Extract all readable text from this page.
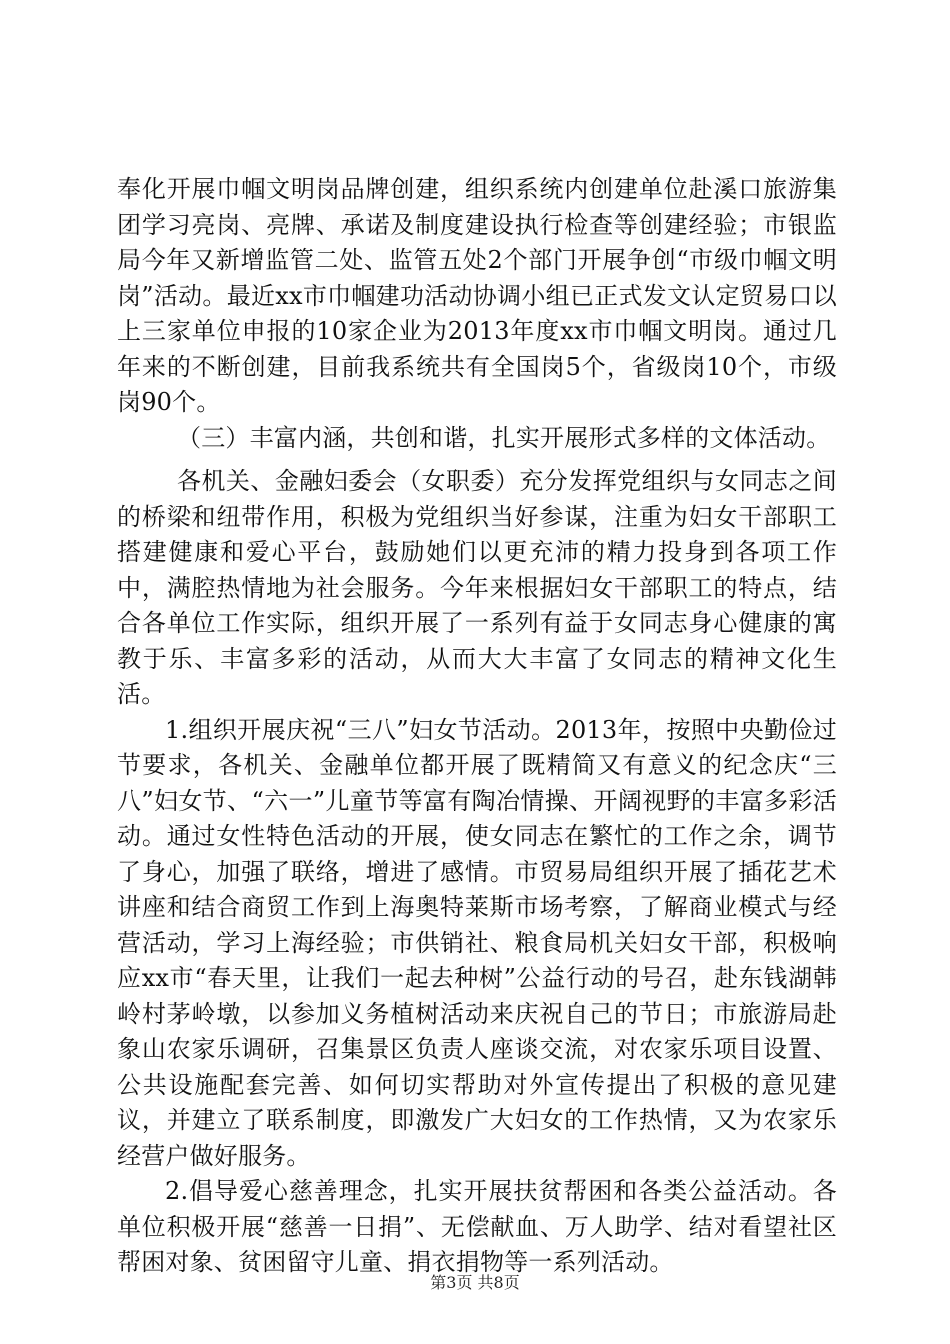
奉化开展巾帼文明岗品牌创建，组织系统内创建单位赴溪口旅游集团学习亮岗、亮牌、承诺及制度建设执行检查等创建经验；市银监局今年又新增监管二处、监管五处2个部门开展争创“市级巾帼文明岗”活动。最近xx市巾帼建功活动协调小组已正式发文认定贸易口以上三家单位申报的10家企业为2013年度xx市巾帼文明岗。通过几年来的不断创建，目前我系统共有全国岗5个，省级岗10个，市级岗90个。

（三）丰富内涵，共创和谐，扎实开展形式多样的文体活动。

各机关、金融妇委会（女职委）充分发挥党组织与女同志之间的桥梁和纽带作用，积极为党组织当好参谋，注重为妇女干部职工搭建健康和爱心平台，鼓励她们以更充沛的精力投身到各项工作中，满腔热情地为社会服务。今年来根据妇女干部职工的特点，结合各单位工作实际，组织开展了一系列有益于女同志身心健康的寓教于乐、丰富多彩的活动，从而大大丰富了女同志的精神文化生活。

1.组织开展庆祝“三八”妇女节活动。2013年，按照中央勤俭过节要求，各机关、金融单位都开展了既精简又有意义的纪念庆“三八”妇女节、“六一”儿童节等富有陶冶情操、开阔视野的丰富多彩活动。通过女性特色活动的开展，使女同志在繁忙的工作之余，调节了身心，加强了联络，增进了感情。市贸易局组织开展了插花艺术讲座和结合商贸工作到上海奥特莱斯市场考察，了解商业模式与经营活动，学习上海经验；市供销社、粮食局机关妇女干部，积极响应xx市“春天里，让我们一起去种树”公益行动的号召，赴东钱湖韩岭村茅岭墩，以参加义务植树活动来庆祝自己的节日；市旅游局赴象山农家乐调研，召集景区负责人座谈交流，对农家乐项目设置、公共设施配套完善、如何切实帮助对外宣传提出了积极的意见建议，并建立了联系制度，即激发广大妇女的工作热情，又为农家乐经营户做好服务。

2.倡导爱心慈善理念，扎实开展扶贫帮困和各类公益活动。各单位积极开展“慈善一日捐”、无偿献血、万人助学、结对看望社区帮困对象、贫困留守儿童、捐衣捐物等一系列活动。

第3页 共8页
